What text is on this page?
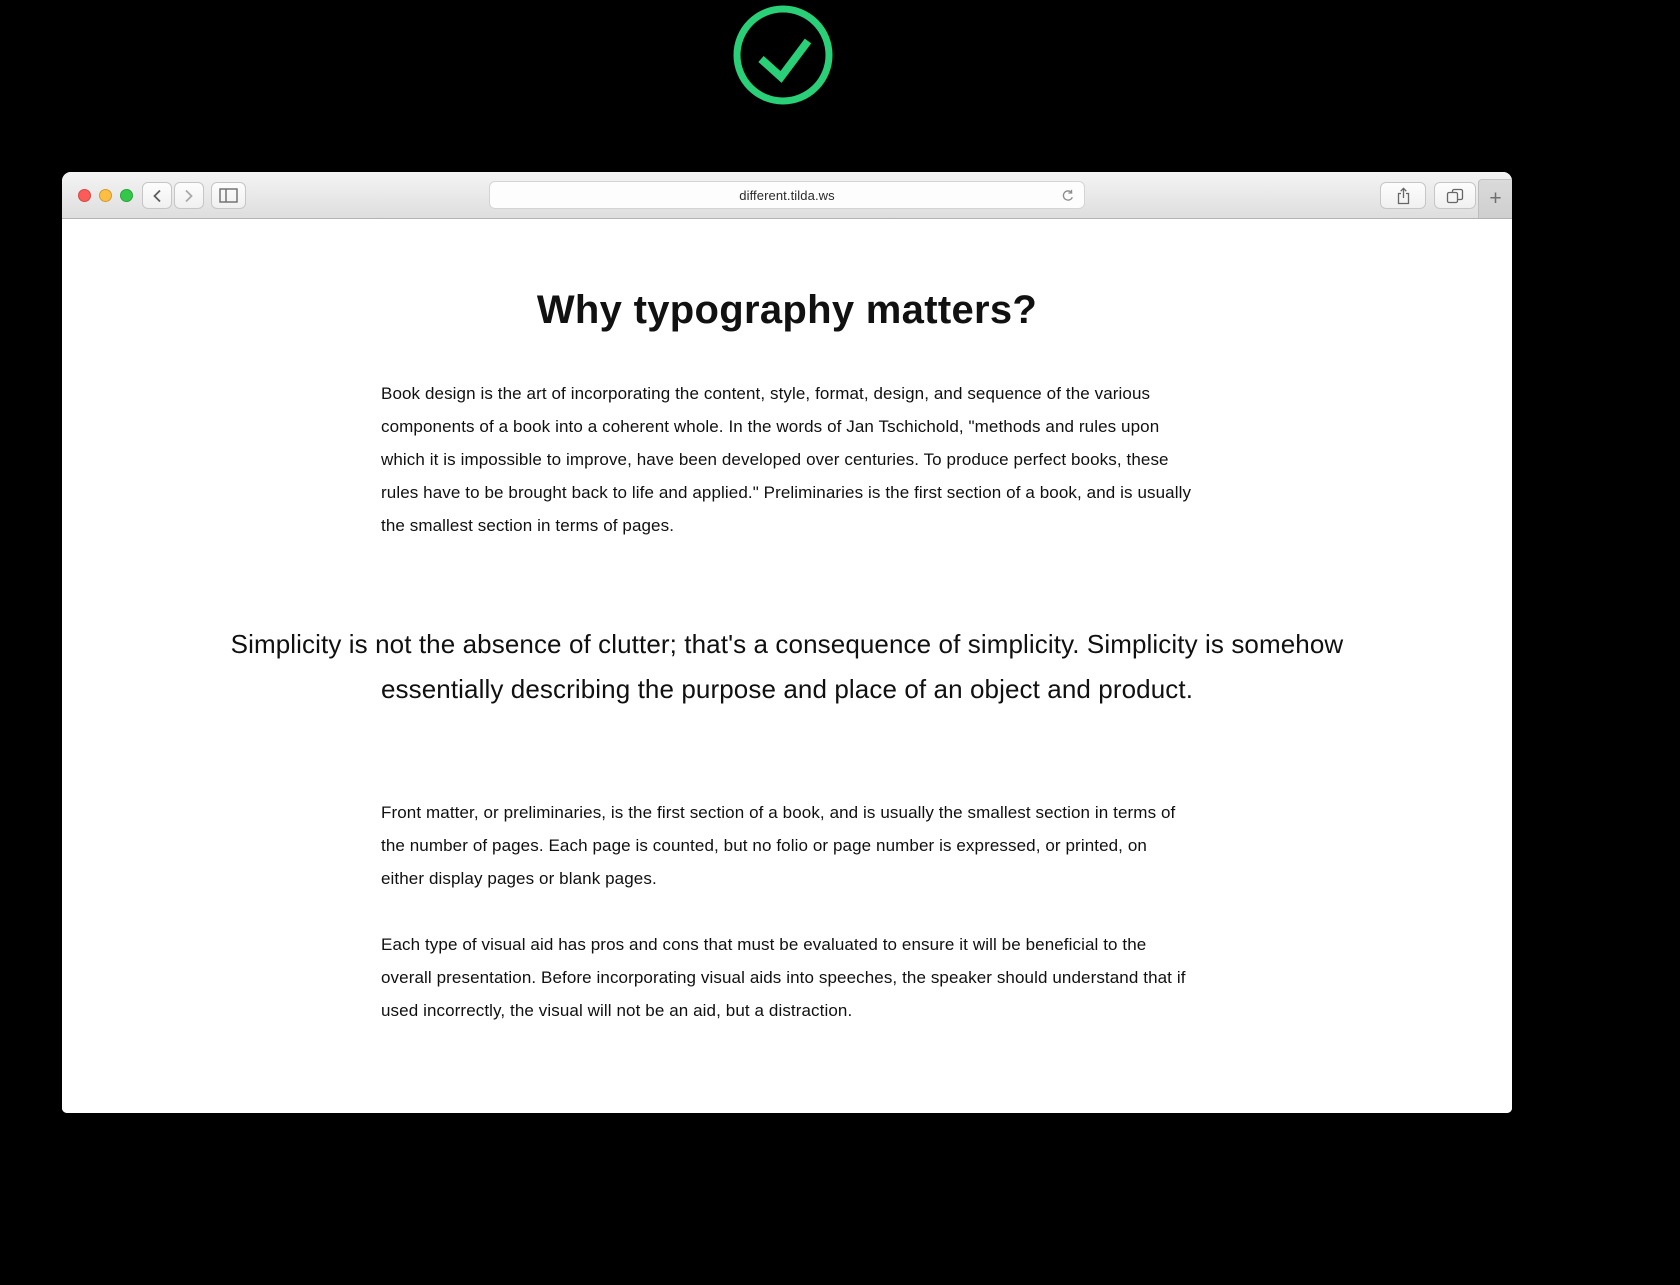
different.tilda.ws	+
Why typography matters?

Book design is the art of incorporating the content, style, format, design, and sequence of the various components of a book into a coherent whole. In the words of Jan Tschichold, "methods and rules upon which it is impossible to improve, have been developed over centuries. To produce perfect books, these rules have to be brought back to life and applied." Preliminaries is the first section of a book, and is usually the smallest section in terms of pages.

Simplicity is not the absence of clutter; that's a consequence of simplicity. Simplicity is somehow essentially describing the purpose and place of an object and product.

Front matter, or preliminaries, is the first section of a book, and is usually the smallest section in terms of the number of pages. Each page is counted, but no folio or page number is expressed, or printed, on either display pages or blank pages.

Each type of visual aid has pros and cons that must be evaluated to ensure it will be beneficial to the overall presentation. Before incorporating visual aids into speeches, the speaker should understand that if used incorrectly, the visual will not be an aid, but a distraction.
